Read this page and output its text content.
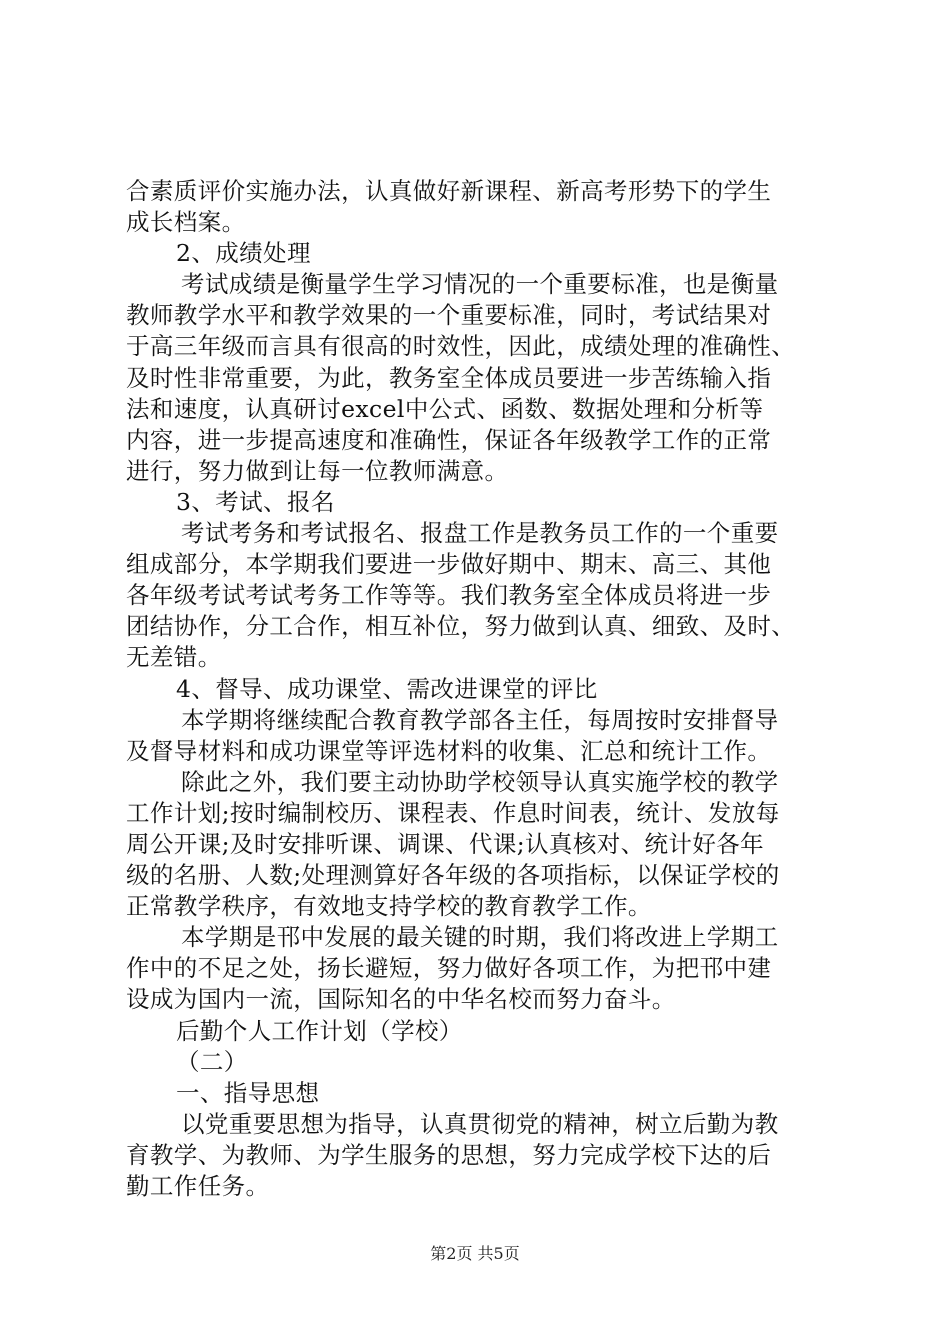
合素质评价实施办法，认真做好新课程、新高考形势下的学生
成长档案。
2、成绩处理
考试成绩是衡量学生学习情况的一个重要标准，也是衡量
教师教学水平和教学效果的一个重要标准，同时，考试结果对
于高三年级而言具有很高的时效性，因此，成绩处理的准确性、
及时性非常重要，为此，教务室全体成员要进一步苦练输入指
法和速度，认真研讨excel中公式、函数、数据处理和分析等
内容，进一步提高速度和准确性，保证各年级教学工作的正常
进行，努力做到让每一位教师满意。
3、考试、报名
考试考务和考试报名、报盘工作是教务员工作的一个重要
组成部分，本学期我们要进一步做好期中、期末、高三、其他
各年级考试考试考务工作等等。我们教务室全体成员将进一步
团结协作，分工合作，相互补位，努力做到认真、细致、及时、
无差错。
4、督导、成功课堂、需改进课堂的评比
本学期将继续配合教育教学部各主任，每周按时安排督导
及督导材料和成功课堂等评选材料的收集、汇总和统计工作。
除此之外，我们要主动协助学校领导认真实施学校的教学
工作计划;按时编制校历、课程表、作息时间表，统计、发放每
周公开课;及时安排听课、调课、代课;认真核对、统计好各年
级的名册、人数;处理测算好各年级的各项指标，以保证学校的
正常教学秩序，有效地支持学校的教育教学工作。
本学期是邗中发展的最关键的时期，我们将改进上学期工
作中的不足之处，扬长避短，努力做好各项工作，为把邗中建
设成为国内一流，国际知名的中华名校而努力奋斗。
后勤个人工作计划（学校）
（二）
一、指导思想
以党重要思想为指导，认真贯彻党的精神，树立后勤为教
育教学、为教师、为学生服务的思想，努力完成学校下达的后
勤工作任务。
第2页 共5页
